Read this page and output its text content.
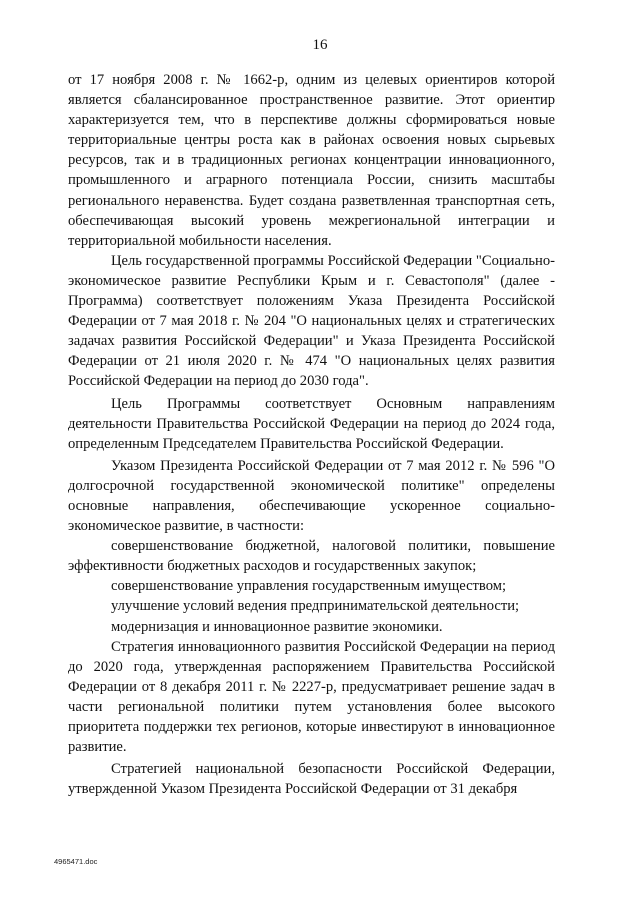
16

от 17 ноября 2008 г. № 1662-р, одним из целевых ориентиров которой является сбалансированное пространственное развитие. Этот ориентир характеризуется тем, что в перспективе должны сформироваться новые территориальные центры роста как в районах освоения новых сырьевых ресурсов, так и в традиционных регионах концентрации инновационного, промышленного и аграрного потенциала России, снизить масштабы регионального неравенства. Будет создана разветвленная транспортная сеть, обеспечивающая высокий уровень межрегиональной интеграции и территориальной мобильности населения.

Цель государственной программы Российской Федерации "Социально-экономическое развитие Республики Крым и г. Севастополя" (далее - Программа) соответствует положениям Указа Президента Российской Федерации от 7 мая 2018 г. № 204 "О национальных целях и стратегических задачах развития Российской Федерации" и Указа Президента Российской Федерации от 21 июля 2020 г. № 474 "О национальных целях развития Российской Федерации на период до 2030 года".

Цель Программы соответствует Основным направлениям деятельности Правительства Российской Федерации на период до 2024 года, определенным Председателем Правительства Российской Федерации.

Указом Президента Российской Федерации от 7 мая 2012 г. № 596 "О долгосрочной государственной экономической политике" определены основные направления, обеспечивающие ускоренное социально-экономическое развитие, в частности:

совершенствование бюджетной, налоговой политики, повышение эффективности бюджетных расходов и государственных закупок;

совершенствование управления государственным имуществом;

улучшение условий ведения предпринимательской деятельности;

модернизация и инновационное развитие экономики.

Стратегия инновационного развития Российской Федерации на период до 2020 года, утвержденная распоряжением Правительства Российской Федерации от 8 декабря 2011 г. № 2227-р, предусматривает решение задач в части региональной политики путем установления более высокого приоритета поддержки тех регионов, которые инвестируют в инновационное развитие.

Стратегией национальной безопасности Российской Федерации, утвержденной Указом Президента Российской Федерации от 31 декабря

4965471.doc
